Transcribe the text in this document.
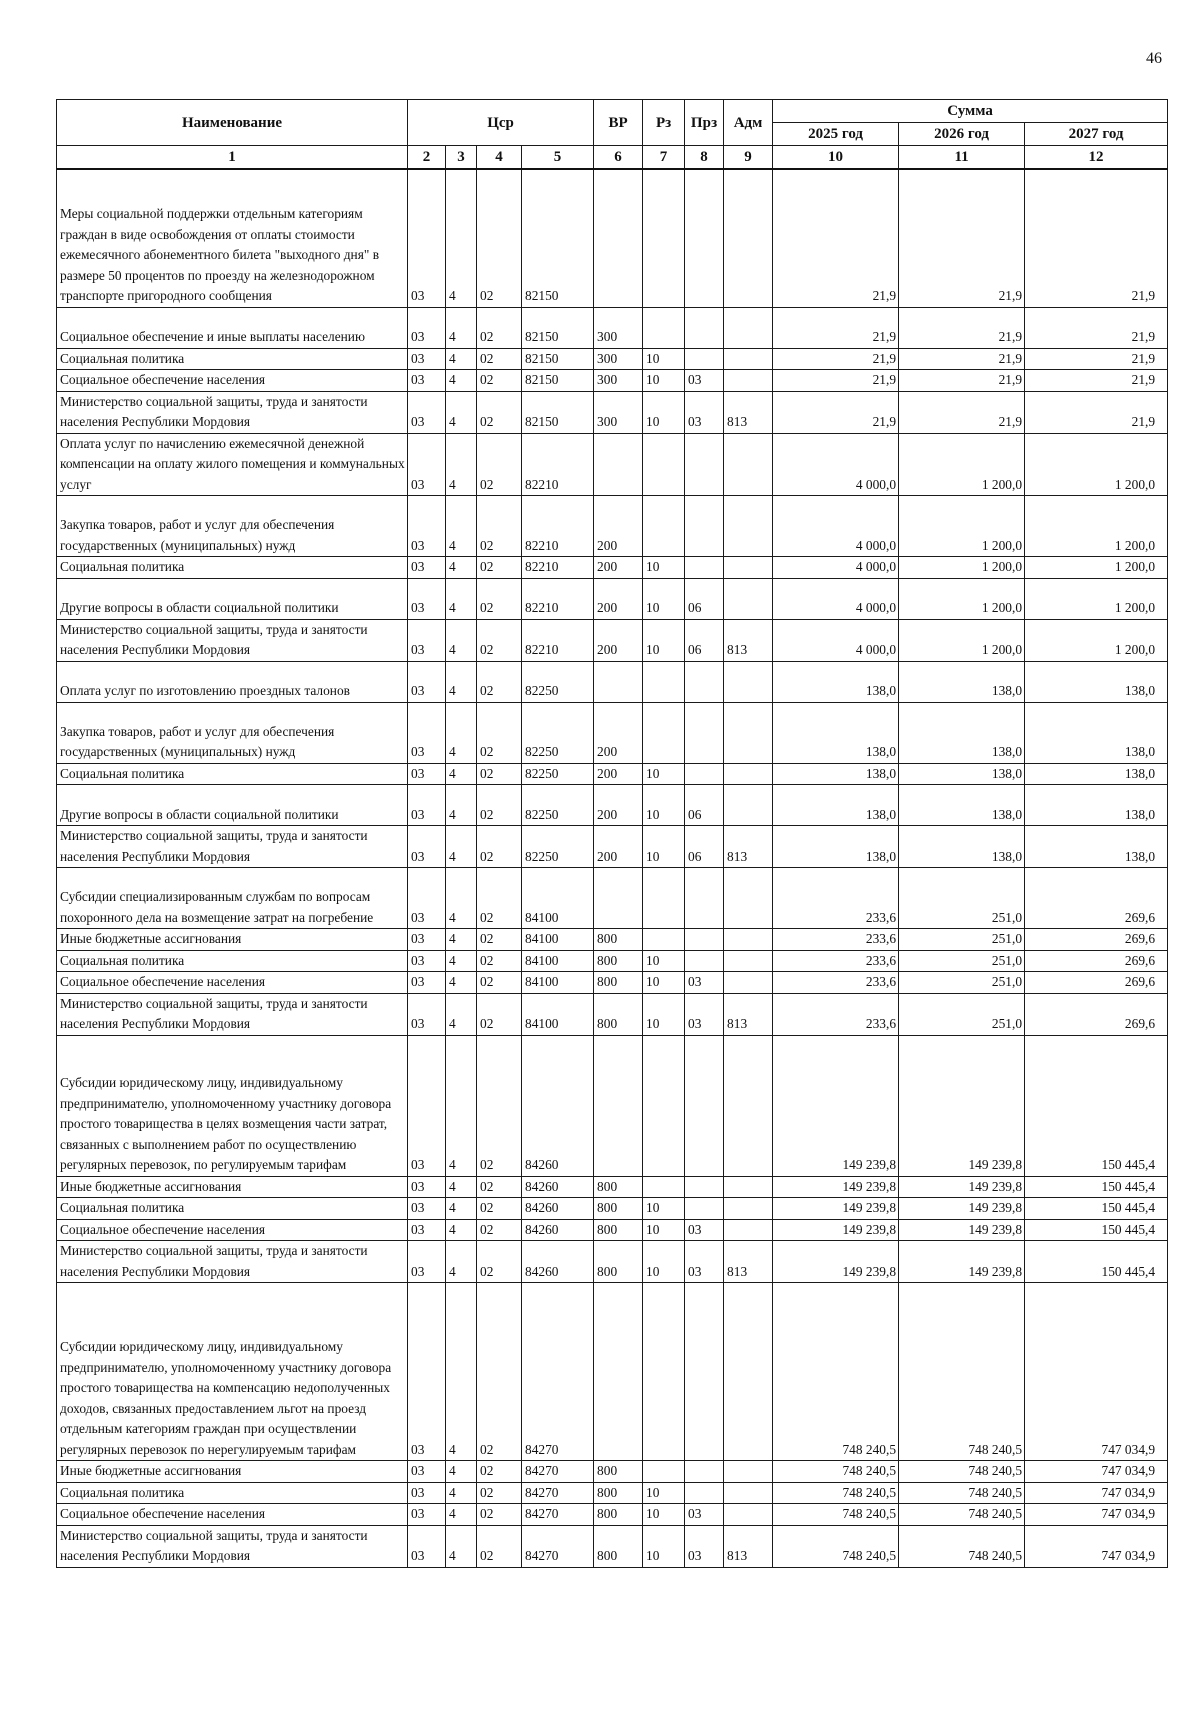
46
Наименование	Цср				ВР	Рз	Прз	Адм	Сумма		
									2025 год	2026 год	2027 год
1	2	3	4	5	6	7	8	9	10	11	12
Меры социальной поддержки отдельным категориям граждан в виде освобождения от оплаты стоимости ежемесячного абонементного билета "выходного дня" в размере 50 процентов по проезду на железнодорожном транспорте пригородного сообщения	03	4	02	82150					21,9	21,9	21,9
Социальное обеспечение и иные выплаты населению	03	4	02	82150	300				21,9	21,9	21,9
Социальная политика	03	4	02	82150	300	10			21,9	21,9	21,9
Социальное обеспечение населения	03	4	02	82150	300	10	03		21,9	21,9	21,9
Министерство социальной защиты, труда и занятости населения Республики Мордовия	03	4	02	82150	300	10	03	813	21,9	21,9	21,9
Оплата услуг по начислению ежемесячной денежной компенсации на оплату жилого помещения и коммунальных услуг	03	4	02	82210					4 000,0	1 200,0	1 200,0
Закупка товаров, работ и услуг для обеспечения государственных (муниципальных) нужд	03	4	02	82210	200				4 000,0	1 200,0	1 200,0
Социальная политика	03	4	02	82210	200	10			4 000,0	1 200,0	1 200,0
Другие вопросы в области социальной политики	03	4	02	82210	200	10	06		4 000,0	1 200,0	1 200,0
Министерство социальной защиты, труда и занятости населения Республики Мордовия	03	4	02	82210	200	10	06	813	4 000,0	1 200,0	1 200,0
Оплата услуг по изготовлению проездных талонов	03	4	02	82250					138,0	138,0	138,0
Закупка товаров, работ и услуг для обеспечения государственных (муниципальных) нужд	03	4	02	82250	200				138,0	138,0	138,0
Социальная политика	03	4	02	82250	200	10			138,0	138,0	138,0
Другие вопросы в области социальной политики	03	4	02	82250	200	10	06		138,0	138,0	138,0
Министерство социальной защиты, труда и занятости населения Республики Мордовия	03	4	02	82250	200	10	06	813	138,0	138,0	138,0
Субсидии специализированным службам по вопросам похоронного дела на возмещение затрат на погребение	03	4	02	84100					233,6	251,0	269,6
Иные бюджетные ассигнования	03	4	02	84100	800				233,6	251,0	269,6
Социальная политика	03	4	02	84100	800	10			233,6	251,0	269,6
Социальное обеспечение населения	03	4	02	84100	800	10	03		233,6	251,0	269,6
Министерство социальной защиты, труда и занятости населения Республики Мордовия	03	4	02	84100	800	10	03	813	233,6	251,0	269,6
Субсидии юридическому лицу, индивидуальному предпринимателю, уполномоченному участнику договора простого товарищества в целях возмещения части затрат, связанных с выполнением работ по осуществлению регулярных перевозок, по регулируемым тарифам	03	4	02	84260					149 239,8	149 239,8	150 445,4
Иные бюджетные ассигнования	03	4	02	84260	800				149 239,8	149 239,8	150 445,4
Социальная политика	03	4	02	84260	800	10			149 239,8	149 239,8	150 445,4
Социальное обеспечение населения	03	4	02	84260	800	10	03		149 239,8	149 239,8	150 445,4
Министерство социальной защиты, труда и занятости населения Республики Мордовия	03	4	02	84260	800	10	03	813	149 239,8	149 239,8	150 445,4
Субсидии юридическому лицу, индивидуальному предпринимателю, уполномоченному участнику договора простого товарищества на компенсацию недополученных доходов, связанных предоставлением льгот на проезд отдельным категориям граждан при осуществлении регулярных перевозок по нерегулируемым тарифам	03	4	02	84270					748 240,5	748 240,5	747 034,9
Иные бюджетные ассигнования	03	4	02	84270	800				748 240,5	748 240,5	747 034,9
Социальная политика	03	4	02	84270	800	10			748 240,5	748 240,5	747 034,9
Социальное обеспечение населения	03	4	02	84270	800	10	03		748 240,5	748 240,5	747 034,9
Министерство социальной защиты, труда и занятости населения Республики Мордовия	03	4	02	84270	800	10	03	813	748 240,5	748 240,5	747 034,9
